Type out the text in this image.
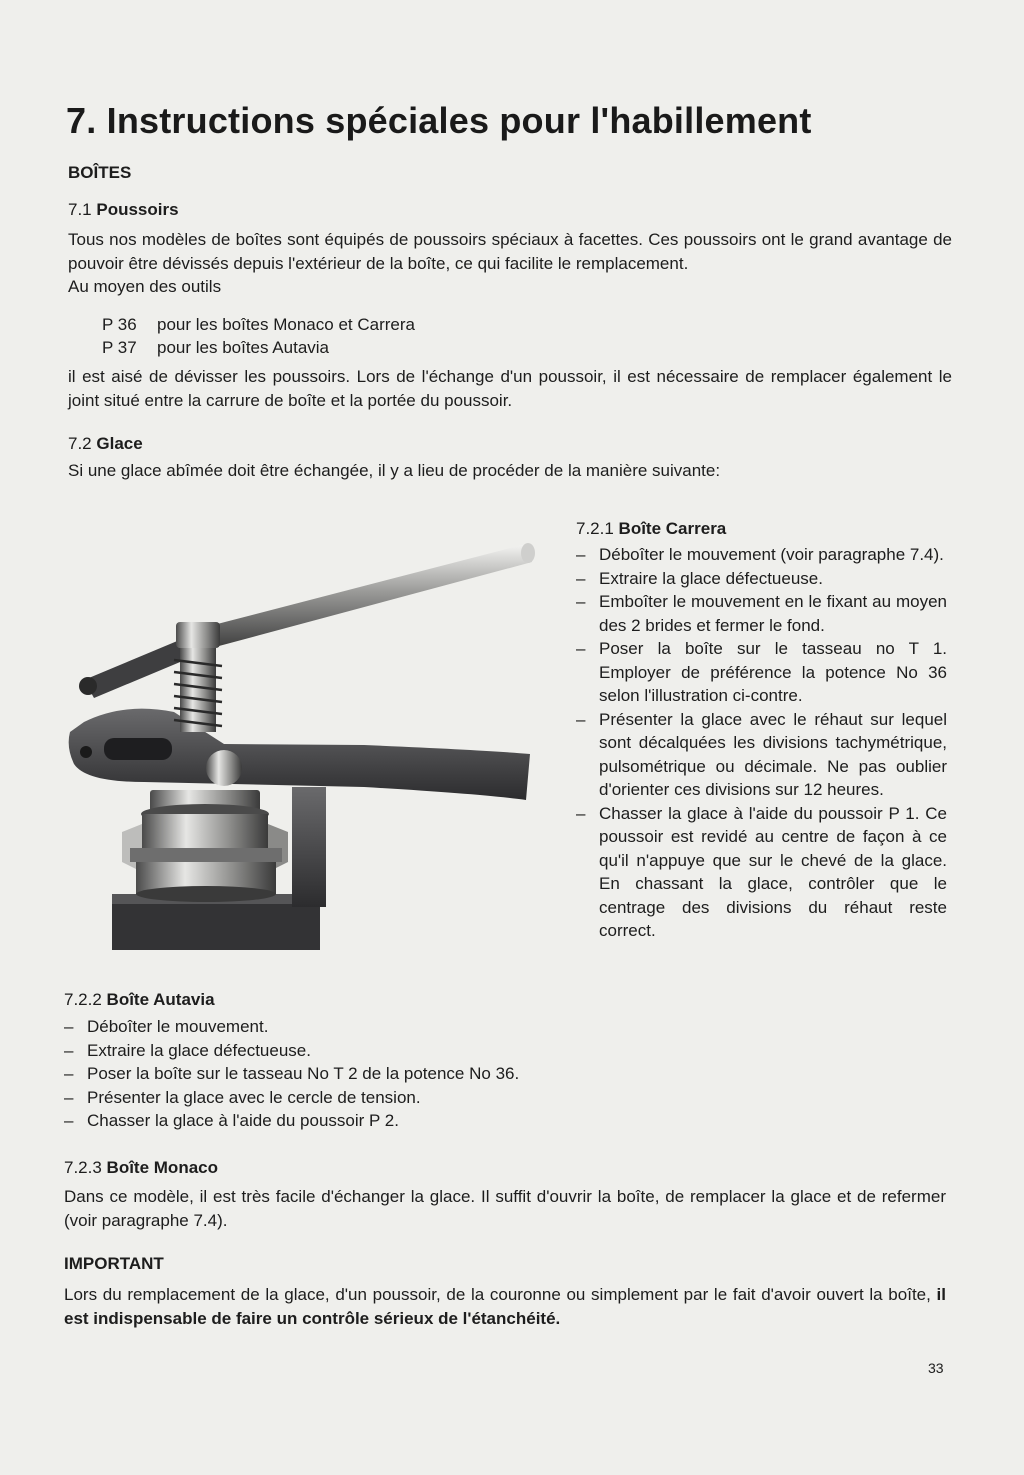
7. Instructions spéciales pour l'habillement
BOÎTES
7.1 Poussoirs
Tous nos modèles de boîtes sont équipés de poussoirs spéciaux à facettes. Ces poussoirs ont le grand avantage de pouvoir être dévissés depuis l'extérieur de la boîte, ce qui facilite le remplacement.
Au moyen des outils
P 36 pour les boîtes Monaco et Carrera
P 37 pour les boîtes Autavia
il est aisé de dévisser les poussoirs. Lors de l'échange d'un poussoir, il est nécessaire de remplacer également le joint situé entre la carrure de boîte et la portée du poussoir.
7.2 Glace
Si une glace abîmée doit être échangée, il y a lieu de procéder de la manière suivante:
7.2.1 Boîte Carrera
– Déboîter le mouvement (voir paragraphe 7.4).
– Extraire la glace défectueuse.
– Emboîter le mouvement en le fixant au moyen des 2 brides et fermer le fond.
– Poser la boîte sur le tasseau no T 1. Employer de préférence la potence No 36 selon l'illustration ci-contre.
– Présenter la glace avec le réhaut sur lequel sont décalquées les divisions tachymétrique, pulsométrique ou décimale. Ne pas oublier d'orienter ces divisions sur 12 heures.
– Chasser la glace à l'aide du poussoir P 1. Ce poussoir est revidé au centre de façon à ce qu'il n'appuye que sur le chevé de la glace. En chassant la glace, contrôler que le centrage des divisions du réhaut reste correct.
7.2.2 Boîte Autavia
– Déboîter le mouvement.
– Extraire la glace défectueuse.
– Poser la boîte sur le tasseau No T 2 de la potence No 36.
– Présenter la glace avec le cercle de tension.
– Chasser la glace à l'aide du poussoir P 2.
7.2.3 Boîte Monaco
Dans ce modèle, il est très facile d'échanger la glace. Il suffit d'ouvrir la boîte, de remplacer la glace et de refermer (voir paragraphe 7.4).
IMPORTANT
Lors du remplacement de la glace, d'un poussoir, de la couronne ou simplement par le fait d'avoir ouvert la boîte, il est indispensable de faire un contrôle sérieux de l'étanchéité.
33
